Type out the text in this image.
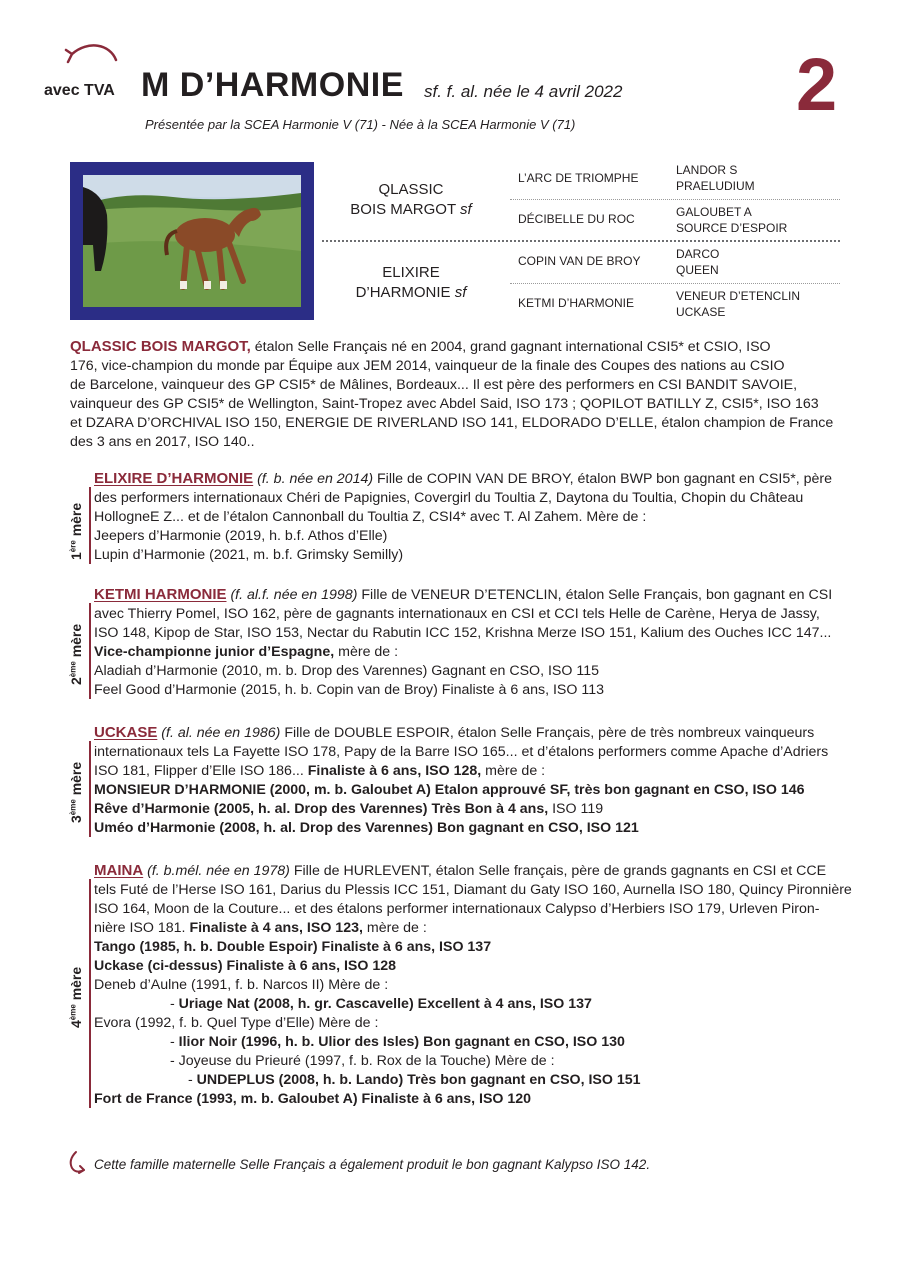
avec TVA M D’HARMONIE sf. f. al. née le 4 avril 2022
Présentée par la SCEA Harmonie V (71) - Née à la SCEA Harmonie V (71)	2
QLASSIC
BOIS MARGOT sf
ELIXIRE
D’HARMONIE sf
L’ARC DE TRIOMPHE
DÉCIBELLE DU ROC
COPIN VAN DE BROY
KETMI D’HARMONIE
LANDOR S
PRAELUDIUM
GALOUBET A
SOURCE D’ESPOIR
DARCO
QUEEN
VENEUR D’ETENCLIN
UCKASE
QLASSIC BOIS MARGOT, étalon Selle Français né en 2004, grand gagnant international CSI5* et CSIO, ISO
176, vice-champion du monde par Équipe aux JEM 2014, vainqueur de la finale des Coupes des nations au CSIO
de Barcelone, vainqueur des GP CSI5* de Mâlines, Bordeaux... Il est père des performers en CSI BANDIT SAVOIE,
vainqueur des GP CSI5* de Wellington, Saint-Tropez avec Abdel Said, ISO 173 ; QOPILOT BATILLY Z, CSI5*, ISO 163
et DZARA D’ORCHIVAL ISO 150, ENERGIE DE RIVERLAND ISO 141, ELDORADO D’ELLE, étalon champion de France
des 3 ans en 2017, ISO 140..
ELIXIRE D’HARMONIE (f. b. née en 2014) Fille de COPIN VAN DE BROY, étalon BWP bon gagnant en CSI5*, père
des performers internationaux Chéri de Papignies, Covergirl du Toultia Z, Daytona du Toultia, Chopin du Château
HollogneE Z... et de l’étalon Cannonball du Toultia Z, CSI4* avec T. Al Zahem. Mère de :
Jeepers d’Harmonie (2019, h. b.f. Athos d’Elle)
Lupin d’Harmonie (2021, m. b.f. Grimsky Semilly)
1ère mère
KETMI HARMONIE (f. al.f. née en 1998) Fille de VENEUR D’ETENCLIN, étalon Selle Français, bon gagnant en CSI
avec Thierry Pomel, ISO 162, père de gagnants internationaux en CSI et CCI tels Helle de Carène, Herya de Jassy,
ISO 148, Kipop de Star, ISO 153, Nectar du Rabutin ICC 152, Krishna Merze ISO 151, Kalium des Ouches ICC 147...
Vice-championne junior d’Espagne, mère de :
Aladiah d’Harmonie (2010, m. b. Drop des Varennes) Gagnant en CSO, ISO 115
Feel Good d’Harmonie (2015, h. b. Copin van de Broy) Finaliste à 6 ans, ISO 113
2ème mère
UCKASE (f. al. née en 1986) Fille de DOUBLE ESPOIR, étalon Selle Français, père de très nombreux vainqueurs
internationaux tels La Fayette ISO 178, Papy de la Barre ISO 165... et d’étalons performers comme Apache d’Adriers
ISO 181, Flipper d’Elle ISO 186... Finaliste à 6 ans, ISO 128, mère de :
MONSIEUR D’HARMONIE (2000, m. b. Galoubet A) Etalon approuvé SF, très bon gagnant en CSO, ISO 146
Rêve d’Harmonie (2005, h. al. Drop des Varennes) Très Bon à 4 ans, ISO 119
Uméo d’Harmonie (2008, h. al. Drop des Varennes) Bon gagnant en CSO, ISO 121
3ème mère
MAINA (f. b.mél. née en 1978) Fille de HURLEVENT, étalon Selle français, père de grands gagnants en CSI et CCE
tels Futé de l’Herse ISO 161, Darius du Plessis ICC 151, Diamant du Gaty ISO 160, Aurnella ISO 180, Quincy Pironnière
ISO 164, Moon de la Couture... et des étalons performer internationaux Calypso d’Herbiers ISO 179, Urleven Piron-
nière ISO 181. Finaliste à 4 ans, ISO 123, mère de :
Tango (1985, h. b. Double Espoir) Finaliste à 6 ans, ISO 137
Uckase (ci-dessus) Finaliste à 6 ans, ISO 128
Deneb d’Aulne (1991, f. b. Narcos II) Mère de :
- Uriage Nat (2008, h. gr. Cascavelle) Excellent à 4 ans, ISO 137
Evora (1992, f. b. Quel Type d’Elle) Mère de :
- Ilior Noir (1996, h. b. Ulior des Isles) Bon gagnant en CSO, ISO 130
- Joyeuse du Prieuré (1997, f. b. Rox de la Touche) Mère de :
- UNDEPLUS (2008, h. b. Lando) Très bon gagnant en CSO, ISO 151
Fort de France (1993, m. b. Galoubet A) Finaliste à 6 ans, ISO 120
4ème mère
Cette famille maternelle Selle Français a également produit le bon gagnant Kalypso ISO 142.
